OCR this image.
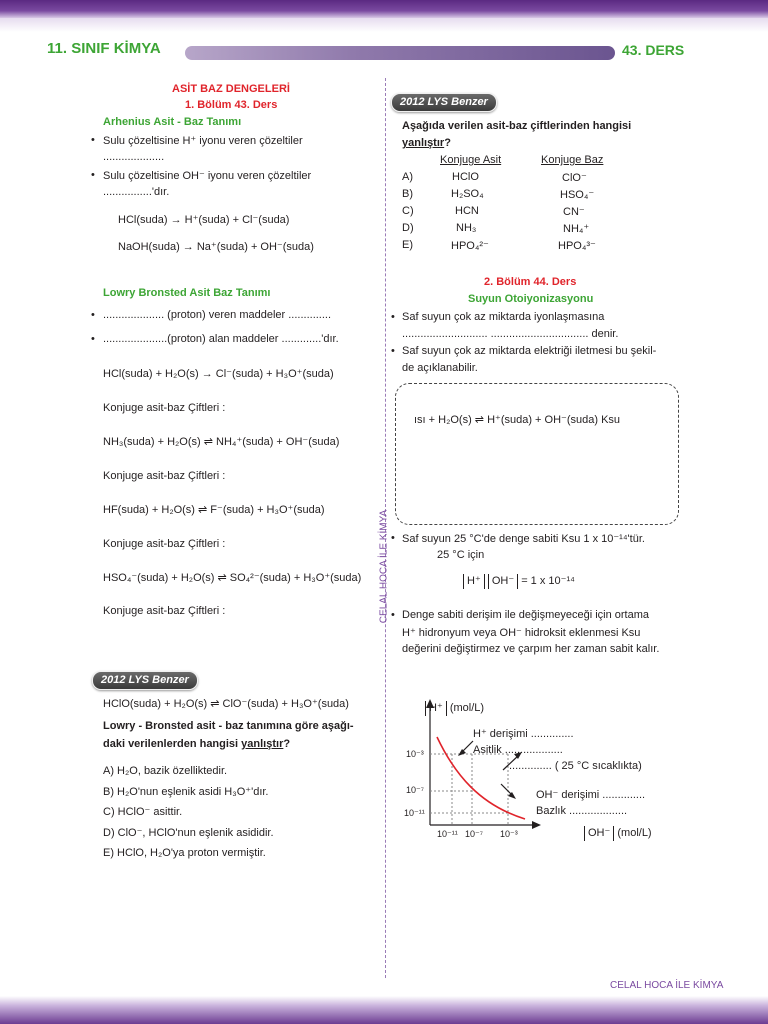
11. SINIF KİMYA	43. DERS
CELAL HOCA İLE KİMYA
ASİT BAZ DENGELERİ
1. Bölüm 43. Ders
Arhenius Asit - Baz Tanımı
• Sulu çözeltisine H⁺ iyonu veren çözeltiler
....................
• Sulu çözeltisine OH⁻ iyonu veren çözeltiler
................'dır.
HCl(suda) → H⁺(suda) + Cl⁻(suda)
NaOH(suda) → Na⁺(suda) + OH⁻(suda)
Lowry Bronsted Asit Baz Tanımı
• .................... (proton) veren maddeler ..............
• .....................(proton) alan maddeler .............'dır.
HCl(suda) + H₂O(s) → Cl⁻(suda) + H₃O⁺(suda)
Konjuge asit-baz Çiftleri :
NH₃(suda) + H₂O(s) ⇌ NH₄⁺(suda) + OH⁻(suda)
Konjuge asit-baz Çiftleri :
HF(suda) + H₂O(s) ⇌ F⁻(suda) + H₃O⁺(suda)
Konjuge asit-baz Çiftleri :
HSO₄⁻(suda) + H₂O(s) ⇌ SO₄²⁻(suda) + H₃O⁺(suda)
Konjuge asit-baz Çiftleri :
2012 LYS Benzer
HClO(suda) + H₂O(s) ⇌ ClO⁻(suda) + H₃O⁺(suda)
Lowry - Bronsted asit - baz tanımına göre aşağı-
daki verilenlerden hangisi yanlıştır?
A) H₂O, bazik özelliktedir.
B) H₂O'nun eşlenik asidi H₃O⁺'dır.
C) HClO⁻ asittir.
D) ClO⁻, HClO'nun eşlenik asididir.
E) HClO, H₂O'ya proton vermiştir.
2012 LYS Benzer
Aşağıda verilen asit-baz çiftlerinden hangisi
yanlıştır?
Konjuge Asit	Konjuge Baz
A)	HClO	ClO⁻
B)	H₂SO₄	HSO₄⁻
C)	HCN	CN⁻
D)	NH₃	NH₄⁺
E)	HPO₄²⁻	HPO₄³⁻
2. Bölüm 44. Ders
Suyun Otoiyonizasyonu
• Saf suyun çok az miktarda iyonlaşmasına
............................ ................................ denir.
• Saf suyun çok az miktarda elektriği iletmesi bu şekil-
de açıklanabilir.
ısı + H₂O(s) ⇌ H⁺(suda) + OH⁻(suda) Ksu
• Saf suyun 25 °C'de denge sabiti Ksu 1 x 10⁻¹⁴'tür.
25 °C için
H⁺ OH⁻ = 1 x 10⁻¹⁴
• Denge sabiti derişim ile değişmeyeceği için ortama
H⁺ hidronyum veya OH⁻ hidroksit eklenmesi Ksu
değerini değiştirmez ve çarpım her zaman sabit kalır.
H⁺ (mol/L)
10⁻³
10⁻⁷
10⁻¹¹
10⁻¹¹ 10⁻⁷ 10⁻³	OH⁻ (mol/L)
H⁺ derişimi ..............
Asitlik ...................
.............. ( 25 °C sıcaklıkta)
OH⁻ derişimi ..............
Bazlık ...................
CELAL HOCA İLE KİMYA
